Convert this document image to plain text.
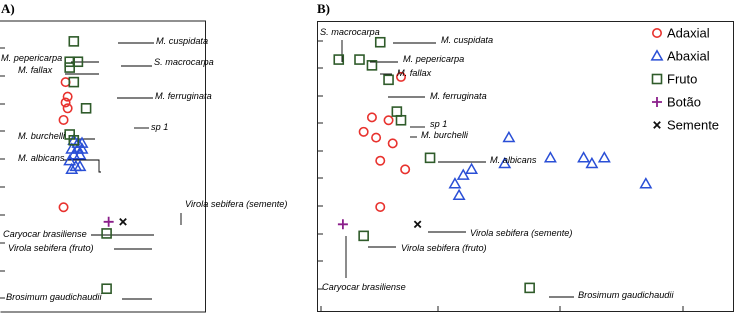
A)	B)
M. cuspidata
M. pepericarpa	S. macrocarpa
M. fallax
M. ferruginata
sp 1
M. burchelli
M. albicans
Virola sebifera (semente)
Caryocar brasiliense
Virola sebifera (fruto)
Brosimum gaudichaudii
S. macrocarpa
M. cuspidata
M. pepericarpa
M. fallax
M. ferruginata
sp 1
M. burchelli
M. albicans
Virola sebifera (semente)
Virola sebifera (fruto)
Caryocar brasiliense
Brosimum gaudichaudii
Adaxial
Abaxial
Fruto
Botão
Semente
